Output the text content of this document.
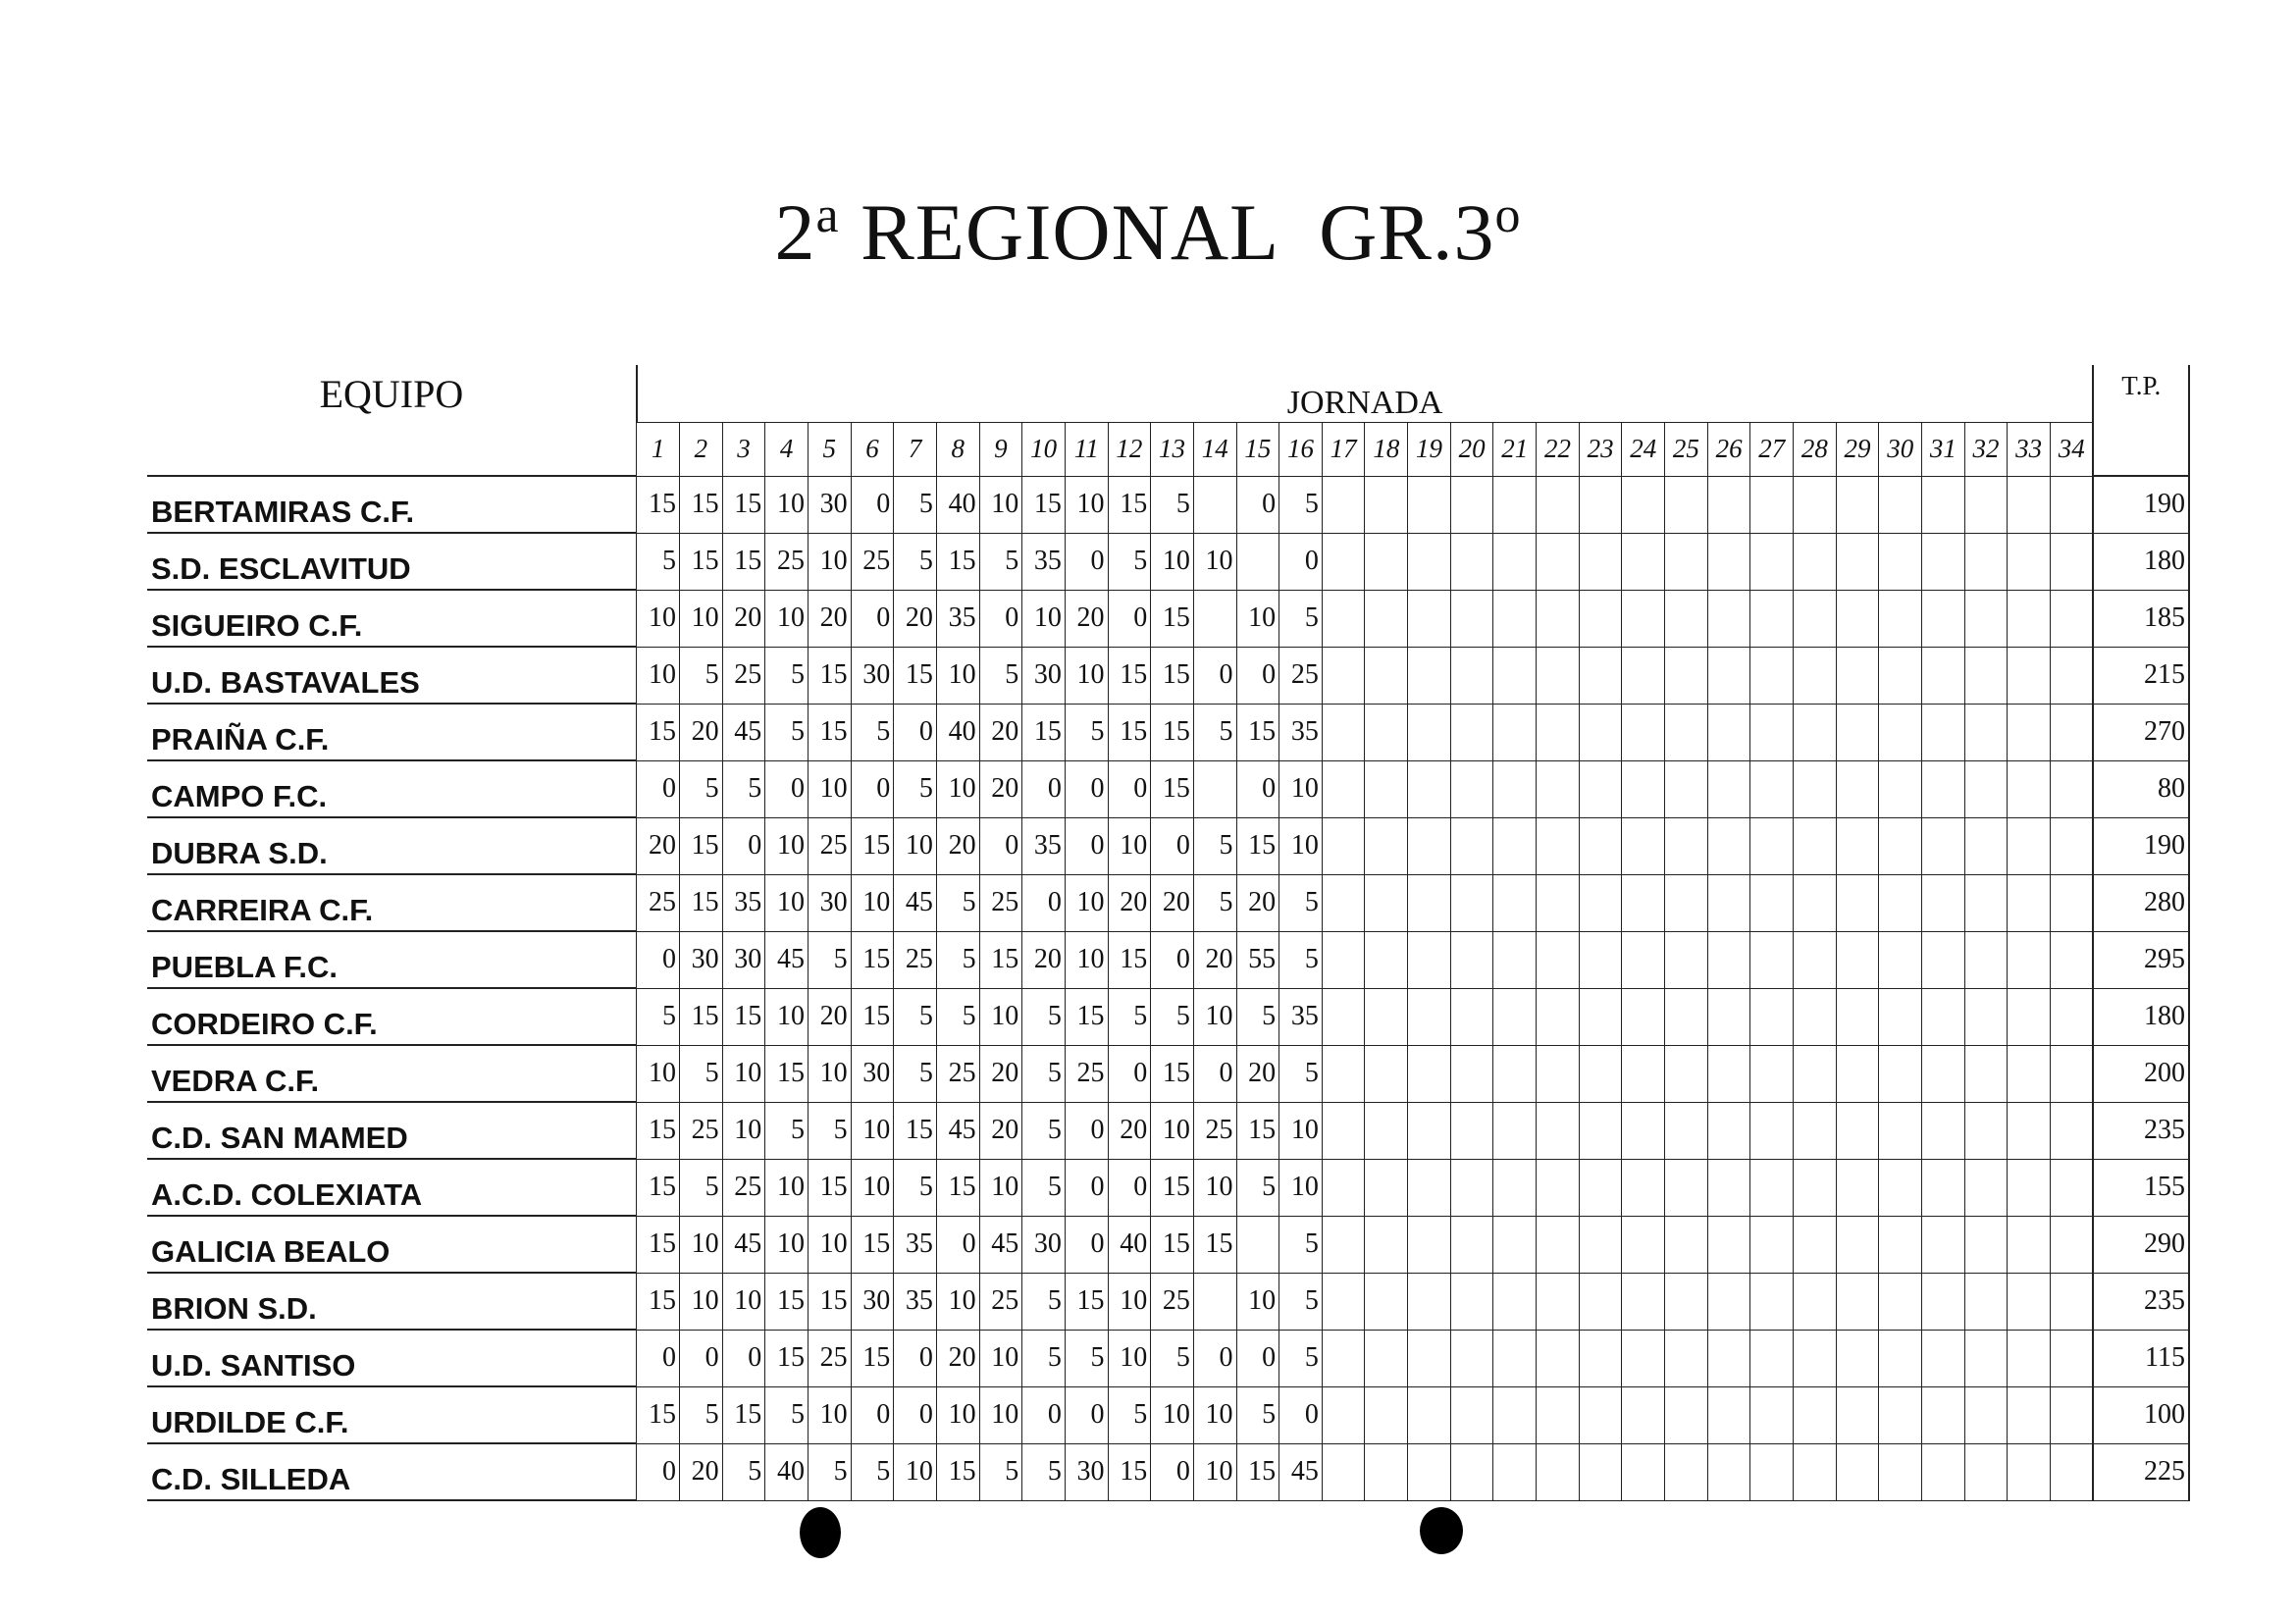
2$^a$ REGIONAL  GR.3$^o$
EQUIPO	JORNADA																																		T.P.
	1	2	3	4	5	6	7	8	9	10	11	12	13	14	15	16	17	18	19	20	21	22	23	24	25	26	27	28	29	30	31	32	33	34	
BERTAMIRAS C.F.	15	15	15	10	30	0	5	40	10	15	10	15	5		0	5																			190
S.D. ESCLAVITUD	5	15	15	25	10	25	5	15	5	35	0	5	10	10		0																			180
SIGUEIRO C.F.	10	10	20	10	20	0	20	35	0	10	20	0	15		10	5																			185
U.D. BASTAVALES	10	5	25	5	15	30	15	10	5	30	10	15	15	0	0	25																			215
PRAIÑA C.F.	15	20	45	5	15	5	0	40	20	15	5	15	15	5	15	35																			270
CAMPO F.C.	0	5	5	0	10	0	5	10	20	0	0	0	15		0	10																			80
DUBRA S.D.	20	15	0	10	25	15	10	20	0	35	0	10	0	5	15	10																			190
CARREIRA C.F.	25	15	35	10	30	10	45	5	25	0	10	20	20	5	20	5																			280
PUEBLA F.C.	0	30	30	45	5	15	25	5	15	20	10	15	0	20	55	5																			295
CORDEIRO C.F.	5	15	15	10	20	15	5	5	10	5	15	5	5	10	5	35																			180
VEDRA C.F.	10	5	10	15	10	30	5	25	20	5	25	0	15	0	20	5																			200
C.D. SAN MAMED	15	25	10	5	5	10	15	45	20	5	0	20	10	25	15	10																			235
A.C.D. COLEXIATA	15	5	25	10	15	10	5	15	10	5	0	0	15	10	5	10																			155
GALICIA BEALO	15	10	45	10	10	15	35	0	45	30	0	40	15	15		5																			290
BRION S.D.	15	10	10	15	15	30	35	10	25	5	15	10	25		10	5																			235
U.D. SANTISO	0	0	0	15	25	15	0	20	10	5	5	10	5	0	0	5																			115
URDILDE C.F.	15	5	15	5	10	0	0	10	10	0	0	5	10	10	5	0																			100
C.D. SILLEDA	0	20	5	40	5	5	10	15	5	5	30	15	0	10	15	45																			225
